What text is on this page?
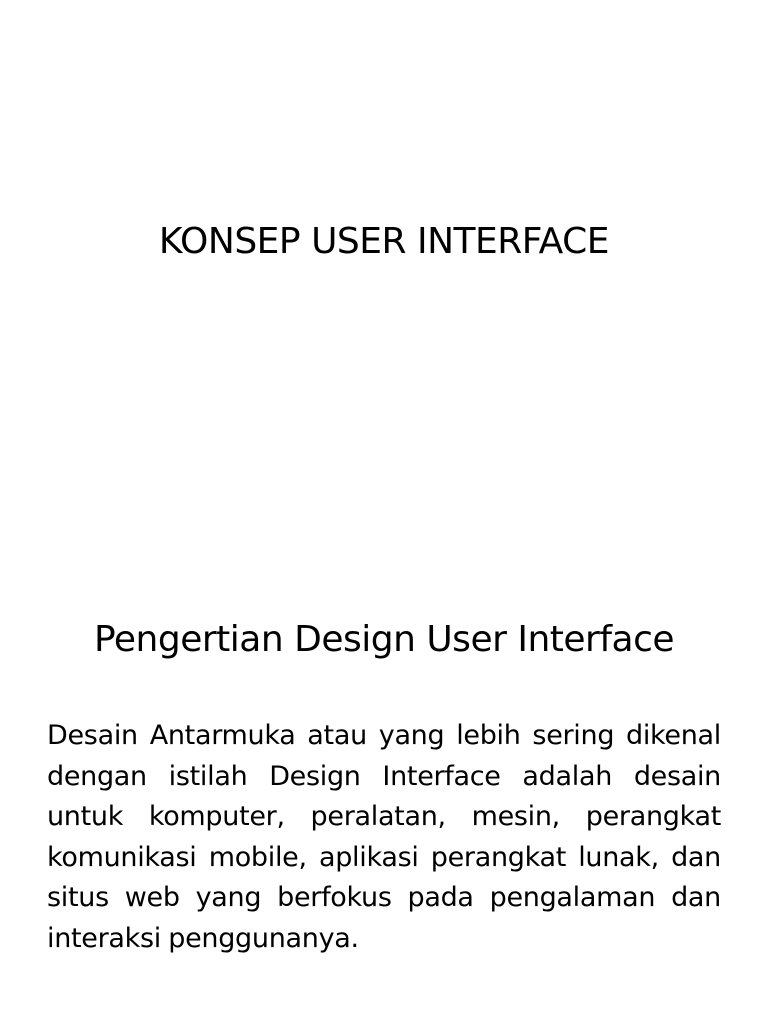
KONSEP USER INTERFACE
Pengertian Design User Interface

Desain Antarmuka atau yang lebih sering dikenal dengan istilah Design Interface adalah desain untuk komputer, peralatan, mesin, perangkat komunikasi mobile, aplikasi perangkat lunak, dan situs web yang berfokus pada pengalaman dan interaksi penggunanya.
